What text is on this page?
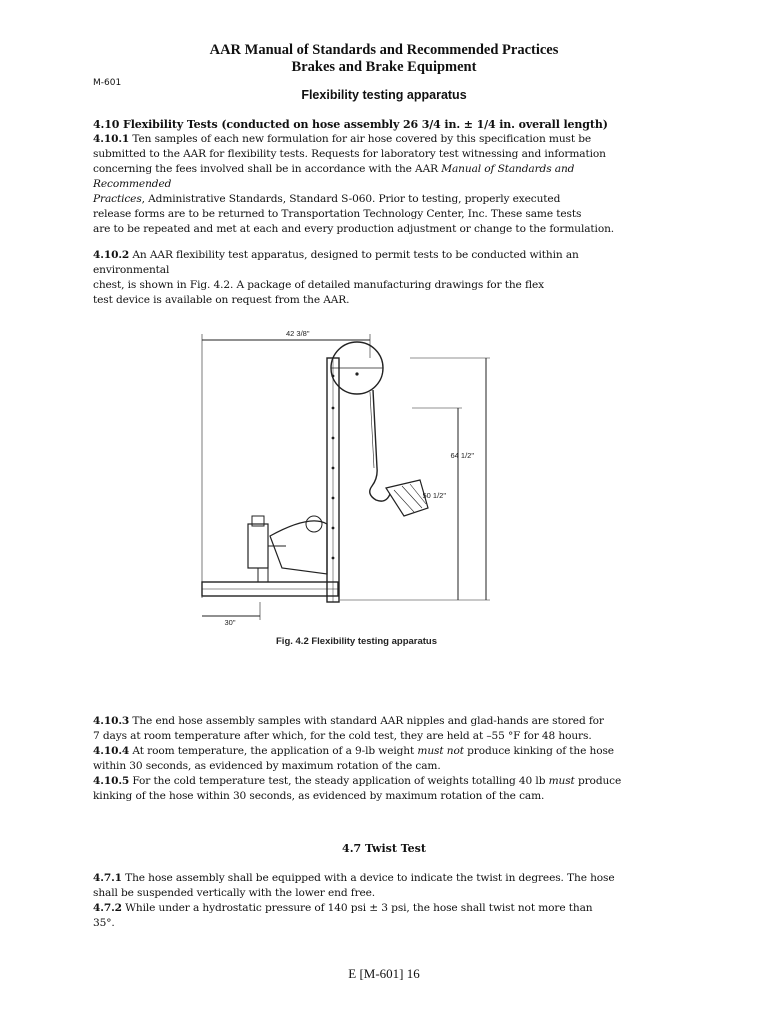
AAR Manual of Standards and Recommended Practices
Brakes and Brake Equipment
M-601
Flexibility testing apparatus
4.10 Flexibility Tests (conducted on hose assembly 26 3/4 in. ± 1/4 in. overall length)
4.10.1 Ten samples of each new formulation for air hose covered by this specification must be
submitted to the AAR for flexibility tests. Requests for laboratory test witnessing and information
concerning the fees involved shall be in accordance with the AAR Manual of Standards and
Recommended
Practices, Administrative Standards, Standard S-060. Prior to testing, properly executed
release forms are to be returned to Transportation Technology Center, Inc. These same tests
are to be repeated and met at each and every production adjustment or change to the formulation.
4.10.2 An AAR flexibility test apparatus, designed to permit tests to be conducted within an
environmental
chest, is shown in Fig. 4.2. A package of detailed manufacturing drawings for the flex
test device is available on request from the AAR.
42 3/8"
64 1/2"
50 1/2"
30"
Fig. 4.2 Flexibility testing apparatus
4.10.3 The end hose assembly samples with standard AAR nipples and glad-hands are stored for
7 days at room temperature after which, for the cold test, they are held at –55 °F for 48 hours.
4.10.4 At room temperature, the application of a 9-lb weight must not produce kinking of the hose
within 30 seconds, as evidenced by maximum rotation of the cam.
4.10.5 For the cold temperature test, the steady application of weights totalling 40 lb must produce
kinking of the hose within 30 seconds, as evidenced by maximum rotation of the cam.
4.7 Twist Test
4.7.1 The hose assembly shall be equipped with a device to indicate the twist in degrees. The hose
shall be suspended vertically with the lower end free.
4.7.2 While under a hydrostatic pressure of 140 psi ± 3 psi, the hose shall twist not more than
35°.
E [M-601] 16
